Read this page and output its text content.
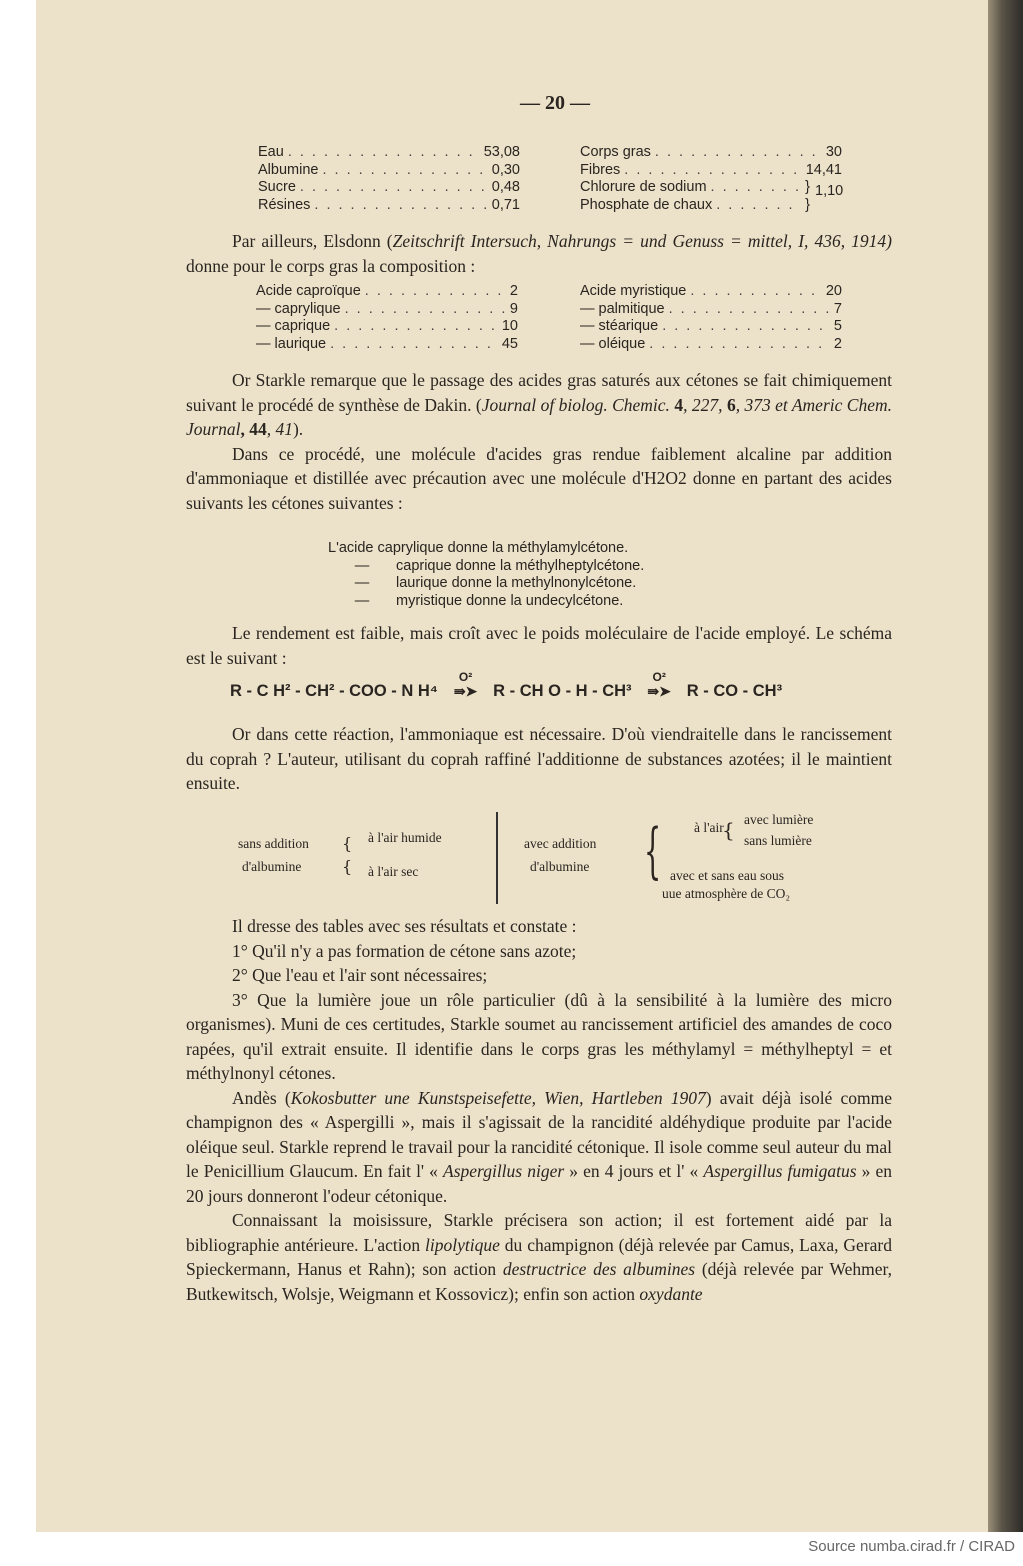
— 20 —
Eau . . .	53,08
Albumine . . .	0,30
Sucre . . .	0,48
Résines . . .	0,71
Corps gras . . .	30
Fibres . . .	14,41
Chlorure de sodium . . .	}
Phosphate de chaux . . .	}
1,10

Par ailleurs, Elsdonn (Zeitschrift Intersuch, Nahrungs = und Genuss = mittel, I, 436, 1914) donne pour le corps gras la composition :

Acide caproïque . . .	2
— caprylique . . .	9
— caprique . . .	10
— laurique . . .	45
Acide myristique . . .	20
— palmitique . . .	7
— stéarique . . .	5
— oléique . . .	2

Or Starkle remarque que le passage des acides gras saturés aux cétones se fait chimiquement suivant le procédé de synthèse de Dakin. (Journal of biolog. Chemic. 4, 227, 6, 373 et Americ Chem. Journal, 44, 41).

Dans ce procédé, une molécule d'acides gras rendue faiblement alcaline par addition d'ammoniaque et distillée avec précaution avec une molécule d'H2O2 donne en partant des acides suivants les cétones suivantes :

L'acide caprylique donne la méthylamylcétone.
— caprique donne la méthylheptylcétone.
— laurique donne la methylnonylcétone.
— myristique donne la undecylcétone.

Le rendement est faible, mais croît avec le poids moléculaire de l'acide employé. Le schéma est le suivant :

R - C H² - CH² - COO - N H⁴
O²
⇛➤ R - CH O - H - CH³
O²
⇛➤ R - CO - CH³

Or dans cette réaction, l'ammoniaque est nécessaire. D'où viendraitelle dans le rancissement du coprah ? L'auteur, utilisant du coprah raffiné l'additionne de substances azotées; il le maintient ensuite.

sans addition
d'albumine
{
{
à l'air humide
à l'air sec
avec addition
d'albumine { à l'air
{ avec lumière
sans lumière
avec et sans eau sous
uue atmosphère de CO₂

Il dresse des tables avec ses résultats et constate :

1° Qu'il n'y a pas formation de cétone sans azote;

2° Que l'eau et l'air sont nécessaires;

3° Que la lumière joue un rôle particulier (dû à la sensibilité à la lumière des micro organismes). Muni de ces certitudes, Starkle soumet au rancissement artificiel des amandes de coco rapées, qu'il extrait ensuite. Il identifie dans le corps gras les méthylamyl = méthylheptyl = et méthylnonyl cétones.

Andès (Kokosbutter une Kunstspeisefette, Wien, Hartleben 1907) avait déjà isolé comme champignon des « Aspergilli », mais il s'agissait de la rancidité aldéhydique produite par l'acide oléique seul. Starkle reprend le travail pour la rancidité cétonique. Il isole comme seul auteur du mal le Penicillium Glaucum. En fait l' « Aspergillus niger » en 4 jours et l' « Aspergillus fumigatus » en 20 jours donneront l'odeur cétonique.

Connaissant la moisissure, Starkle précisera son action; il est fortement aidé par la bibliographie antérieure. L'action lipolytique du champignon (déjà relevée par Camus, Laxa, Gerard Spieckermann, Hanus et Rahn); son action destructrice des albumines (déjà relevée par Wehmer, Butkewitsch, Wolsje, Weigmann et Kossovicz); enfin son action oxydante

Source numba.cirad.fr / CIRAD
